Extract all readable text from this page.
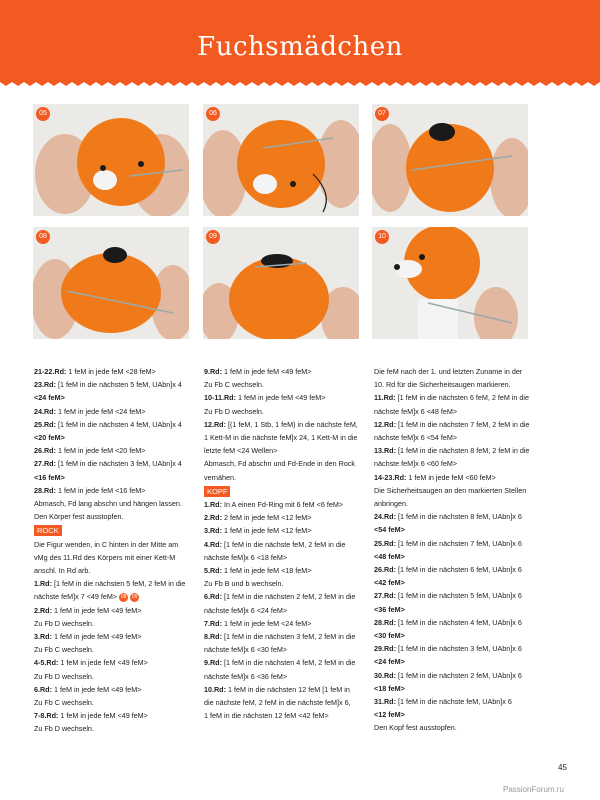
Fuchsmädchen
05	06	07
08	09	10

21-22.Rd: 1 feM in jede feM <28 feM>

23.Rd: [1 feM in die nächsten 5 feM, UAbn]x 4

<24 feM>

24.Rd: 1 feM in jede feM <24 feM>

25.Rd: [1 feM in die nächsten 4 feM, UAbn]x 4

<20 feM>

26.Rd: 1 feM in jede feM <20 feM>

27.Rd: [1 feM in die nächsten 3 feM, UAbn]x 4

<16 feM>

28.Rd: 1 feM in jede feM <16 feM>

Abmasch, Fd lang abschn und hängen lassen.

Den Körper fest ausstopfen.

ROCK

Die Figur wenden, in C hinten in der Mitte am

vMg des 11.Rd des Körpers mit einer Kett-M

anschl. In Rd arb.

1.Rd: [1 feM in die nächsten 5 feM, 2 feM in die

nächste feM]x 7 <49 feM> 08 09

2.Rd: 1 feM in jede feM <49 feM>

Zu Fb D wechseln.

3.Rd: 1 feM in jede feM <49 feM>

Zu Fb C wechseln.

4-5.Rd: 1 feM in jede feM <49 feM>

Zu Fb D wechseln.

6.Rd: 1 feM in jede feM <49 feM>

Zu Fb C wechseln.

7-8.Rd: 1 feM in jede feM <49 feM>

Zu Fb D wechseln.

9.Rd: 1 feM in jede feM <49 feM>

Zu Fb C wechseln.

10-11.Rd: 1 feM in jede feM <49 feM>

Zu Fb D wechseln.

12.Rd: [(1 feM, 1 Stb, 1 feM) in die nächste feM,

1 Kett-M in die nächste feM]x 24, 1 Kett-M in die

letzte feM <24 Wellen>

Abmasch, Fd abschn und Fd-Ende in den Rock

vernähen.

KOPF

1.Rd: In A einen Fd-Ring mit 6 feM <6 feM>

2.Rd: 2 feM in jede feM <12 feM>

3.Rd: 1 feM in jede feM <12 feM>

4.Rd: [1 feM in die nächste feM, 2 feM in die

nächste feM]x 6 <18 feM>

5.Rd: 1 feM in jede feM <18 feM>

Zu Fb B und b wechseln.

6.Rd: [1 feM in die nächsten 2 feM, 2 feM in die

nächste feM]x 6 <24 feM>

7.Rd: 1 feM in jede feM <24 feM>

8.Rd: [1 feM in die nächsten 3 feM, 2 feM in die

nächste feM]x 6 <30 feM>

9.Rd: [1 feM in die nächsten 4 feM, 2 feM in die

nächste feM]x 6 <36 feM>

10.Rd: 1 feM in die nächsten 12 feM [1 feM in

die nächste feM, 2 feM in die nächste feM]x 6,

1 feM in die nächsten 12 feM <42 feM>

Die feM nach der 1. und letzten Zuname in der

10. Rd für die Sicherheitsaugen markieren.

11.Rd: [1 feM in die nächsten 6 feM, 2 feM in die

nächste feM]x 6 <48 feM>

12.Rd: [1 feM in die nächsten 7 feM, 2 feM in die

nächste feM]x 6 <54 feM>

13.Rd: [1 feM in die nächsten 8 feM, 2 feM in die

nächste feM]x 6 <60 feM>

14-23.Rd: 1 feM in jede feM <60 feM>

Die Sicherheitsaugen an den markierten Stellen

anbringen.

24.Rd: [1 feM in die nächsten 8 feM, UAbn]x 6

<54 feM>

25.Rd: [1 feM in die nächsten 7 feM, UAbn]x 6

<48 feM>

26.Rd: [1 feM in die nächsten 6 feM, UAbn]x 6

<42 feM>

27.Rd: [1 feM in die nächsten 5 feM, UAbn]x 6

<36 feM>

28.Rd: [1 feM in die nächsten 4 feM, UAbn]x 6

<30 feM>

29.Rd: [1 feM in die nächsten 3 feM, UAbn]x 6

<24 feM>

30.Rd: [1 feM in die nächsten 2 feM, UAbn]x 6

<18 feM>

31.Rd: [1 feM in die nächste feM, UAbn]x 6

<12 feM>

Den Kopf fest ausstopfen.

45
PassionForum.ru
